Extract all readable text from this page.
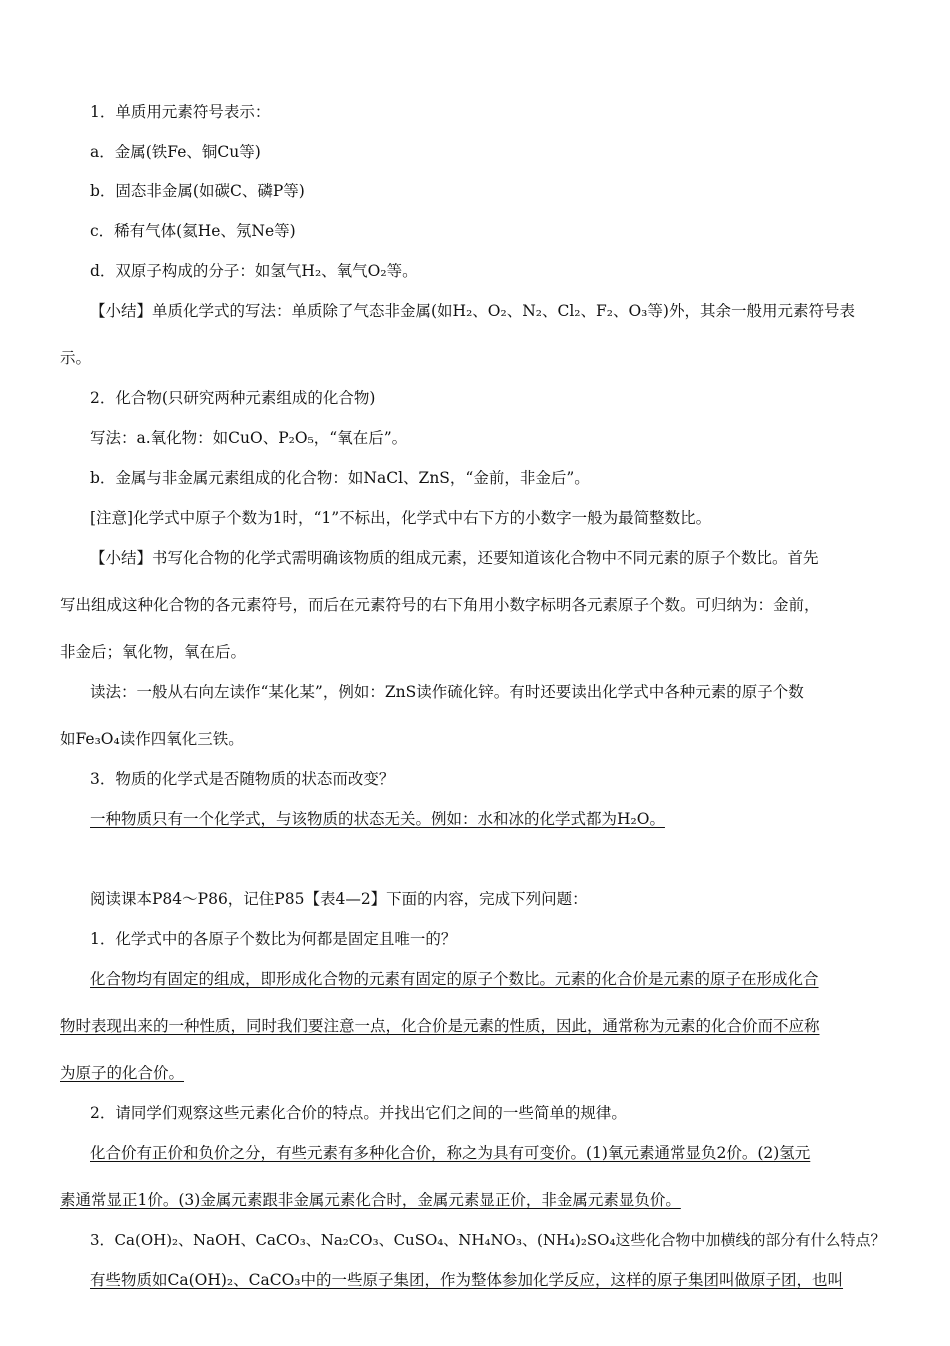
1．单质用元素符号表示：
a．金属(铁Fe、铜Cu等)
b．固态非金属(如碳C、磷P等)
c．稀有气体(氦He、氖Ne等)
d．双原子构成的分子：如氢气H₂、氧气O₂等。
【小结】单质化学式的写法：单质除了气态非金属(如H₂、O₂、N₂、Cl₂、F₂、O₃等)外，其余一般用元素符号表
示。
2．化合物(只研究两种元素组成的化合物)
写法：a.氧化物：如CuO、P₂O₅，“氧在后”。
b．金属与非金属元素组成的化合物：如NaCl、ZnS，“金前，非金后”。
[注意]化学式中原子个数为1时，“1”不标出，化学式中右下方的小数字一般为最简整数比。
【小结】书写化合物的化学式需明确该物质的组成元素，还要知道该化合物中不同元素的原子个数比。首先
写出组成这种化合物的各元素符号，而后在元素符号的右下角用小数字标明各元素原子个数。可归纳为：金前，
非金后；氧化物，氧在后。
读法：一般从右向左读作“某化某”，例如：ZnS读作硫化锌。有时还要读出化学式中各种元素的原子个数
如Fe₃O₄读作四氧化三铁。
3．物质的化学式是否随物质的状态而改变？
一种物质只有一个化学式，与该物质的状态无关。例如：水和冰的化学式都为H₂O。
阅读课本P84～P86，记住P85【表4—2】下面的内容，完成下列问题：
1．化学式中的各原子个数比为何都是固定且唯一的？
化合物均有固定的组成，即形成化合物的元素有固定的原子个数比。元素的化合价是元素的原子在形成化合
物时表现出来的一种性质，同时我们要注意一点，化合价是元素的性质，因此，通常称为元素的化合价而不应称
为原子的化合价。
2．请同学们观察这些元素化合价的特点。并找出它们之间的一些简单的规律。
化合价有正价和负价之分，有些元素有多种化合价，称之为具有可变价。(1)氧元素通常显负2价。(2)氢元
素通常显正1价。(3)金属元素跟非金属元素化合时，金属元素显正价，非金属元素显负价。
3．Ca(OH)₂、NaOH、CaCO₃、Na₂CO₃、CuSO₄、NH₄NO₃、(NH₄)₂SO₄这些化合物中加横线的部分有什么特点？
有些物质如Ca(OH)₂、CaCO₃中的一些原子集团，作为整体参加化学反应，这样的原子集团叫做原子团，也叫
